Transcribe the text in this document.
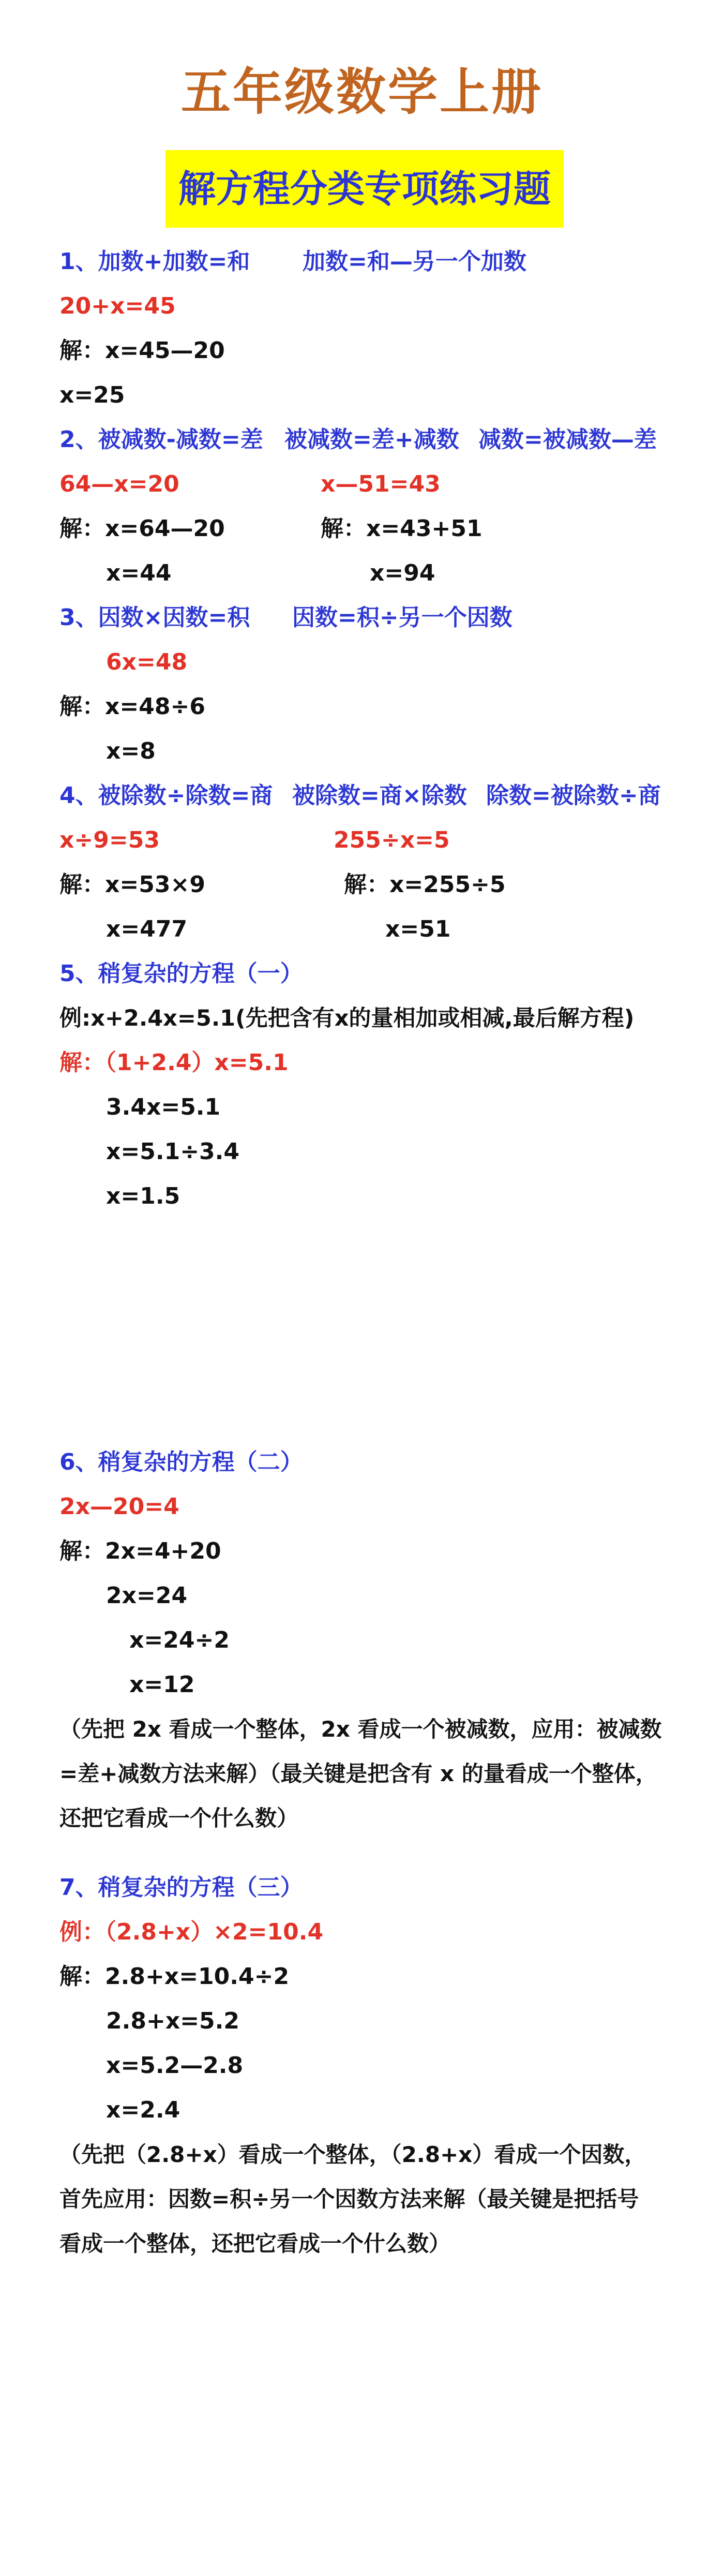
五年级数学上册
解方程分类专项练习题
1、加数+加数=和 加数=和—另一个加数
20+x=45
解：x=45—20
x=25
2、被减数-减数=差 被减数=差+减数 减数=被减数—差
64—x=20	x—51=43
解：x=64—20	解：x=43+51
x=44	x=94
3、因数×因数=积 因数=积÷另一个因数
6x=48
解：x=48÷6
x=8
4、被除数÷除数=商 被除数=商×除数 除数=被除数÷商
x÷9=53	255÷x=5
解：x=53×9	解：x=255÷5
x=477	x=51
5、稍复杂的方程（一）
例:x+2.4x=5.1(先把含有x的量相加或相减,最后解方程)
解：（1+2.4）x=5.1
3.4x=5.1
x=5.1÷3.4
x=1.5
6、稍复杂的方程（二）
2x—20=4
解：2x=4+20
2x=24
x=24÷2
x=12
（先把 2x 看成一个整体，2x 看成一个被减数，应用：被减数
=差+减数方法来解）（最关键是把含有 x 的量看成一个整体，
还把它看成一个什么数）
7、稍复杂的方程（三）
例：（2.8+x）×2=10.4
解：2.8+x=10.4÷2
2.8+x=5.2
x=5.2—2.8
x=2.4
（先把（2.8+x）看成一个整体，（2.8+x）看成一个因数，
首先应用：因数=积÷另一个因数方法来解（最关键是把括号
看成一个整体，还把它看成一个什么数）
